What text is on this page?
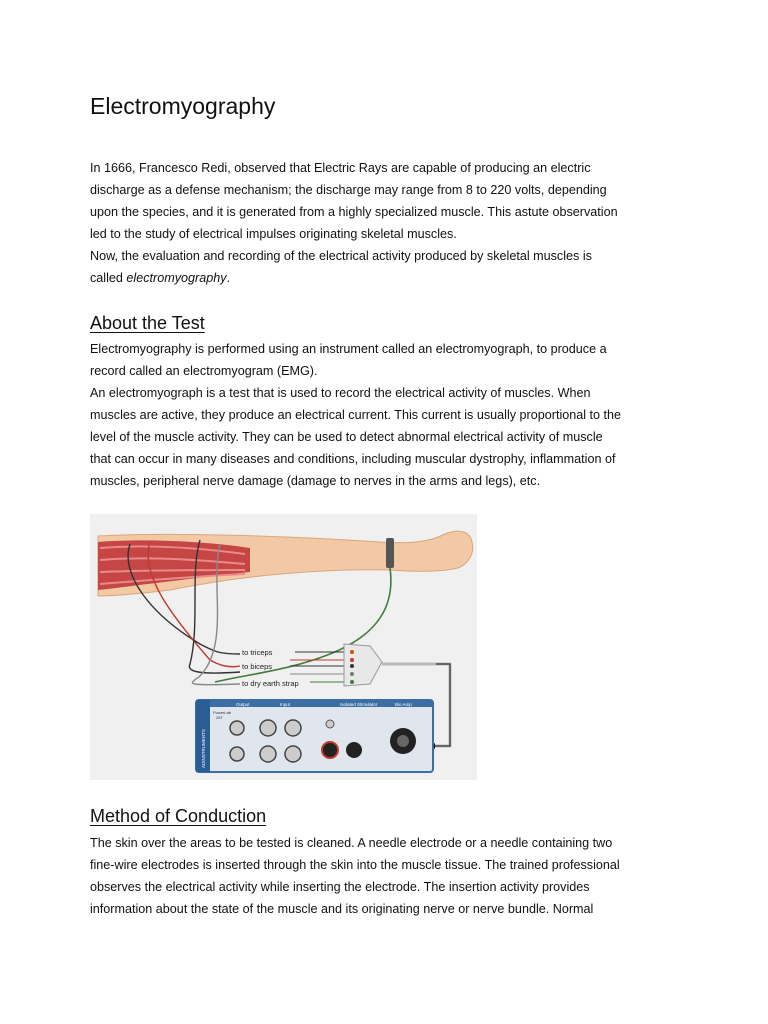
Electromyography

In 1666, Francesco Redi, observed that Electric Rays are capable of producing an electric

discharge as a defense mechanism; the discharge may range from 8 to 220 volts, depending

upon the species, and it is generated from a highly specialized muscle. This astute observation

led to the study of electrical impulses originating skeletal muscles.

Now, the evaluation and recording of the electrical activity produced by skeletal muscles is

called electromyography.

About the Test

Electromyography is performed using an instrument called an electromyograph, to produce a

record called an electromyogram (EMG).

An electromyograph is a test that is used to record the electrical activity of muscles. When

muscles are active, they produce an electrical current. This current is usually proportional to the

level of the muscle activity. They can be used to detect abnormal electrical activity of muscle

that can occur in many diseases and conditions, including muscular dystrophy, inflammation of

muscles, peripheral nerve damage (damage to nerves in the arms and legs), etc.

to triceps
to biceps
to dry earth strap
ADINSTRUMENTS
Output	Input	Isolated Stimulator	Bio Amp
PowerLab
26T
Method of Conduction

The skin over the areas to be tested is cleaned. A needle electrode or a needle containing two

fine-wire electrodes is inserted through the skin into the muscle tissue. The trained professional

observes the electrical activity while inserting the electrode. The insertion activity provides

information about the state of the muscle and its originating nerve or nerve bundle. Normal
